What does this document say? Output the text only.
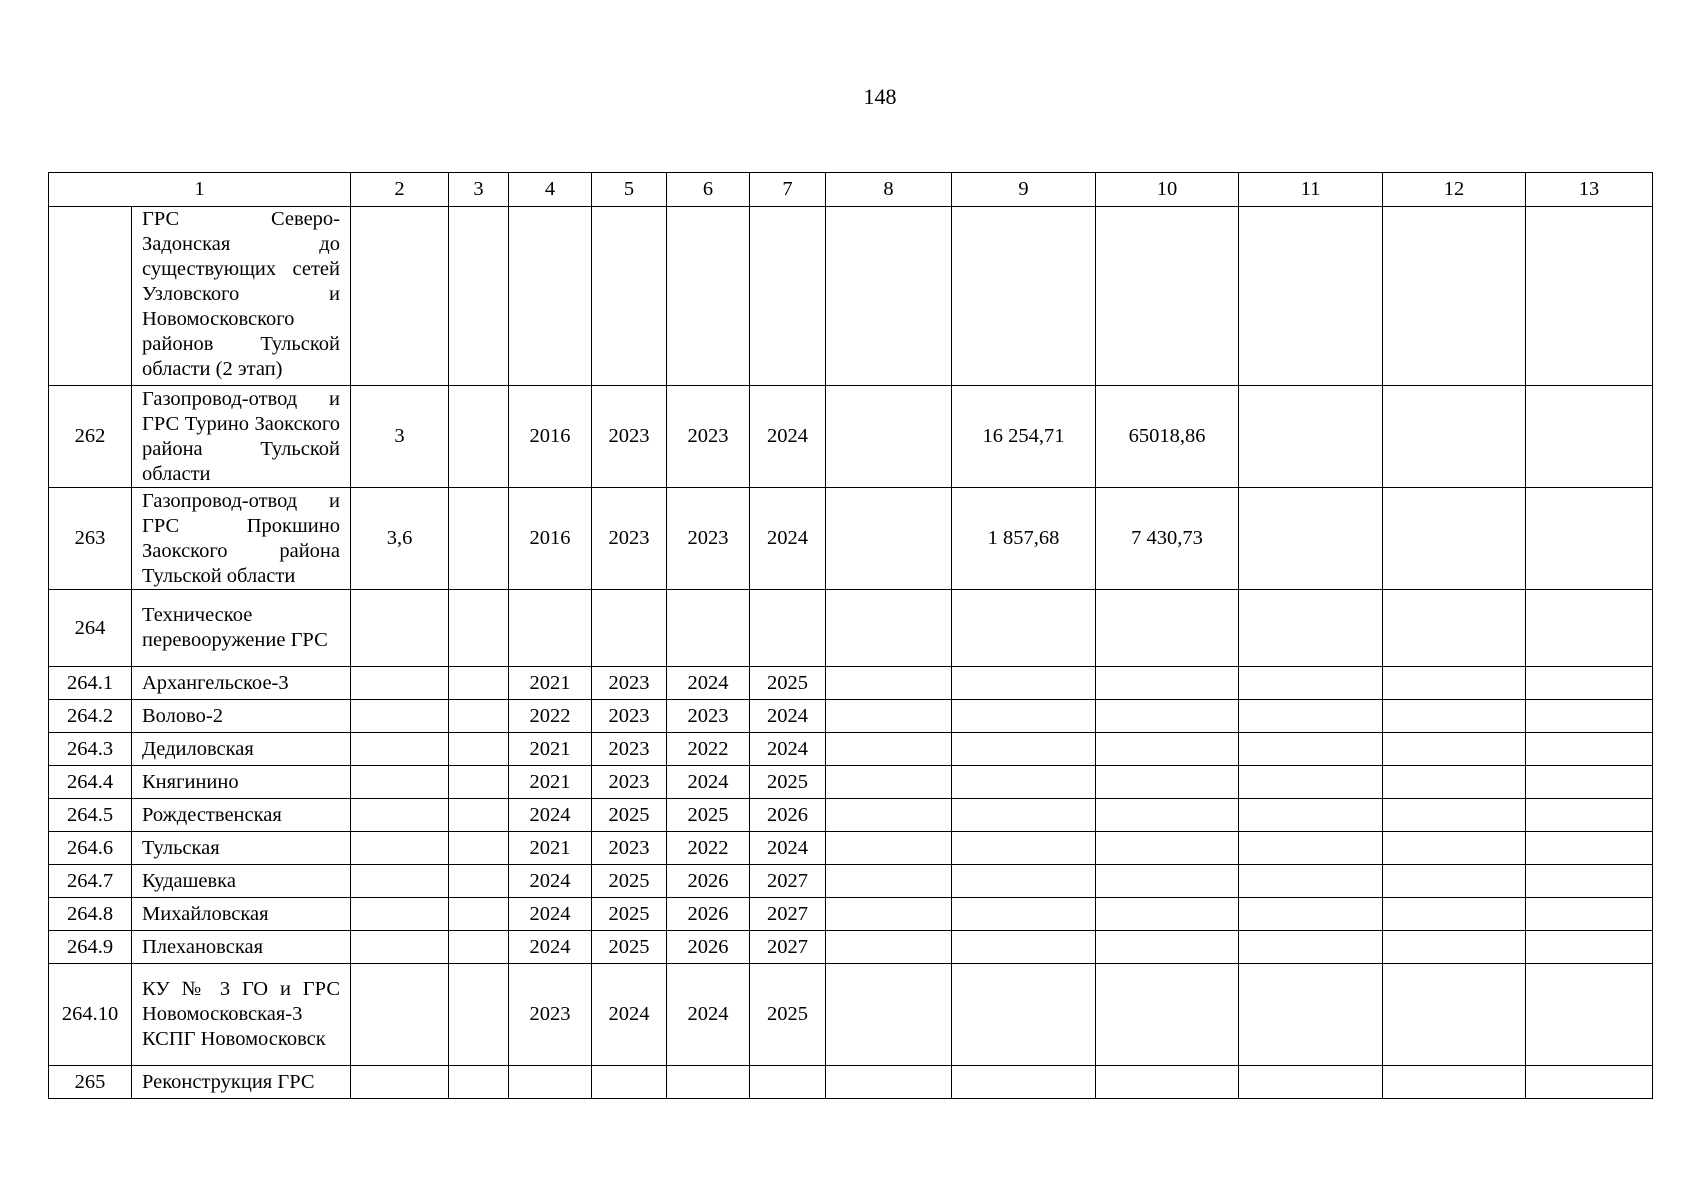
148
1		2	3	4	5	6	7	8	9	10	11	12	13
	ГРС Северо-Задонская до существующих сетей Узловского и Новомосковского районов Тульской области (2 этап)												
262	Газопровод-отвод и ГРС Турино Заокского района Тульской области	3		2016	2023	2023	2024		16 254,71	65018,86			
263	Газопровод-отвод и ГРС Прокшино Заокского района Тульской области	3,6		2016	2023	2023	2024		1 857,68	7 430,73			
264	Техническое перевооружение ГРС												
264.1	Архангельское-3			2021	2023	2024	2025						
264.2	Волово-2			2022	2023	2023	2024						
264.3	Дедиловская			2021	2023	2022	2024						
264.4	Княгинино			2021	2023	2024	2025						
264.5	Рождественская			2024	2025	2025	2026						
264.6	Тульская			2021	2023	2022	2024						
264.7	Кудашевка			2024	2025	2026	2027						
264.8	Михайловская			2024	2025	2026	2027						
264.9	Плехановская			2024	2025	2026	2027						
264.10	КУ № 3 ГО и ГРС Новомосковская-3 КСПГ Новомосковск			2023	2024	2024	2025						
265	Реконструкция ГРС												
